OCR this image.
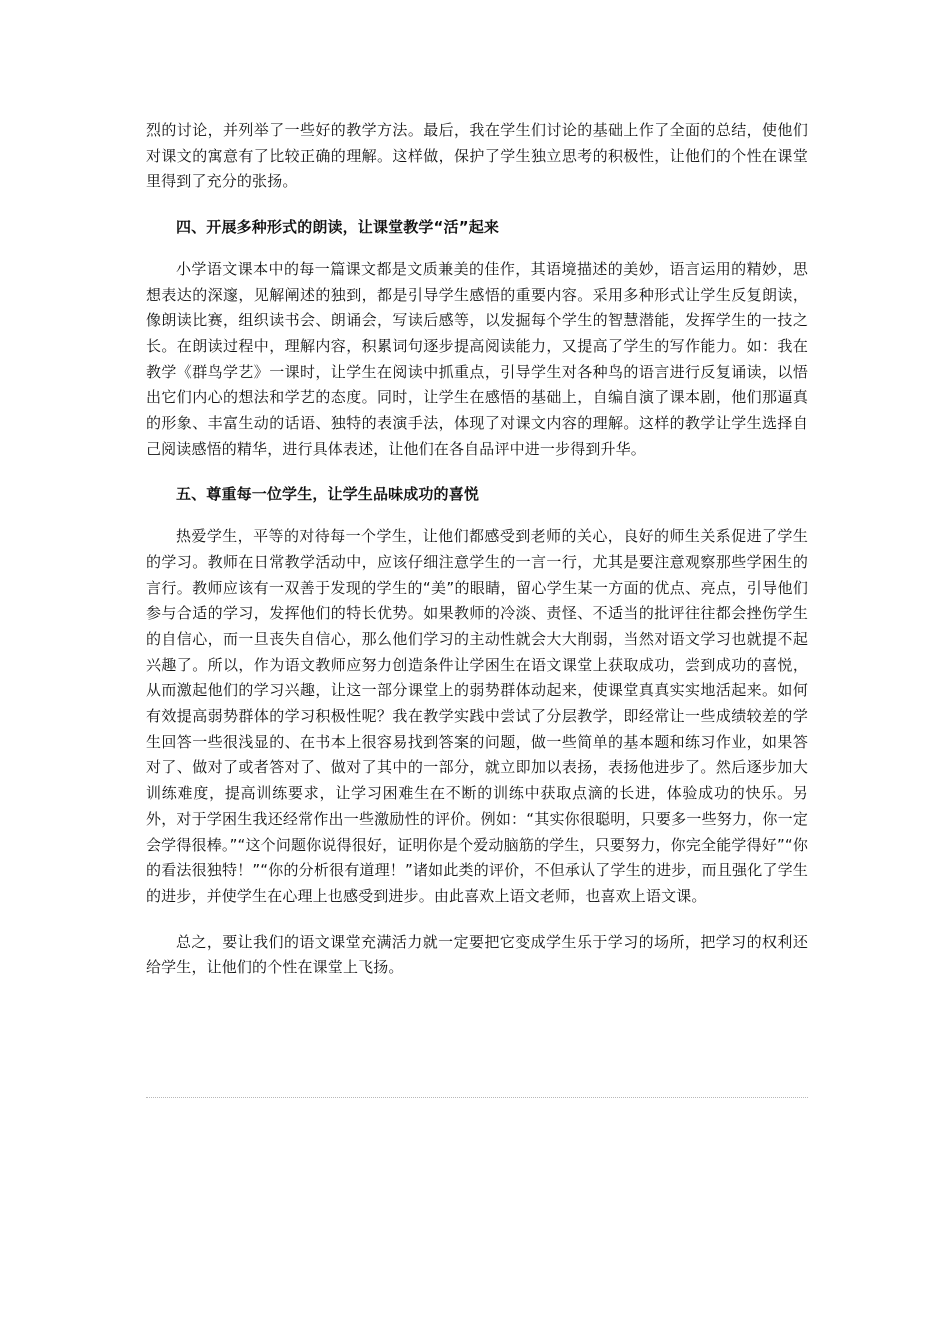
烈的讨论，并列举了一些好的教学方法。最后，我在学生们讨论的基础上作了全面的总结，使他们对课文的寓意有了比较正确的理解。这样做，保护了学生独立思考的积极性，让他们的个性在课堂里得到了充分的张扬。

四、开展多种形式的朗读，让课堂教学“活”起来

小学语文课本中的每一篇课文都是文质兼美的佳作，其语境描述的美妙，语言运用的精妙，思想表达的深邃，见解阐述的独到，都是引导学生感悟的重要内容。采用多种形式让学生反复朗读，像朗读比赛，组织读书会、朗诵会，写读后感等，以发掘每个学生的智慧潜能，发挥学生的一技之长。在朗读过程中，理解内容，积累词句逐步提高阅读能力，又提高了学生的写作能力。如：我在教学《群鸟学艺》一课时，让学生在阅读中抓重点，引导学生对各种鸟的语言进行反复诵读，以悟出它们内心的想法和学艺的态度。同时，让学生在感悟的基础上，自编自演了课本剧，他们那逼真的形象、丰富生动的话语、独特的表演手法，体现了对课文内容的理解。这样的教学让学生选择自己阅读感悟的精华，进行具体表述，让他们在各自品评中进一步得到升华。

五、尊重每一位学生，让学生品味成功的喜悦

热爱学生，平等的对待每一个学生，让他们都感受到老师的关心，良好的师生关系促进了学生的学习。教师在日常教学活动中，应该仔细注意学生的一言一行，尤其是要注意观察那些学困生的言行。教师应该有一双善于发现的学生的“美”的眼睛，留心学生某一方面的优点、亮点，引导他们参与合适的学习，发挥他们的特长优势。如果教师的冷淡、责怪、不适当的批评往往都会挫伤学生的自信心，而一旦丧失自信心，那么他们学习的主动性就会大大削弱，当然对语文学习也就提不起兴趣了。所以，作为语文教师应努力创造条件让学困生在语文课堂上获取成功，尝到成功的喜悦，从而激起他们的学习兴趣，让这一部分课堂上的弱势群体动起来，使课堂真真实实地活起来。如何有效提高弱势群体的学习积极性呢？我在教学实践中尝试了分层教学，即经常让一些成绩较差的学生回答一些很浅显的、在书本上很容易找到答案的问题，做一些简单的基本题和练习作业，如果答对了、做对了或者答对了、做对了其中的一部分，就立即加以表扬，表扬他进步了。然后逐步加大训练难度，提高训练要求，让学习困难生在不断的训练中获取点滴的长进，体验成功的快乐。另外，对于学困生我还经常作出一些激励性的评价。例如：“其实你很聪明，只要多一些努力，你一定会学得很棒。”“这个问题你说得很好，证明你是个爱动脑筋的学生，只要努力，你完全能学得好”“你的看法很独特！”“你的分析很有道理！”诸如此类的评价，不但承认了学生的进步，而且强化了学生的进步，并使学生在心理上也感受到进步。由此喜欢上语文老师，也喜欢上语文课。

总之，要让我们的语文课堂充满活力就一定要把它变成学生乐于学习的场所，把学习的权利还给学生，让他们的个性在课堂上飞扬。
